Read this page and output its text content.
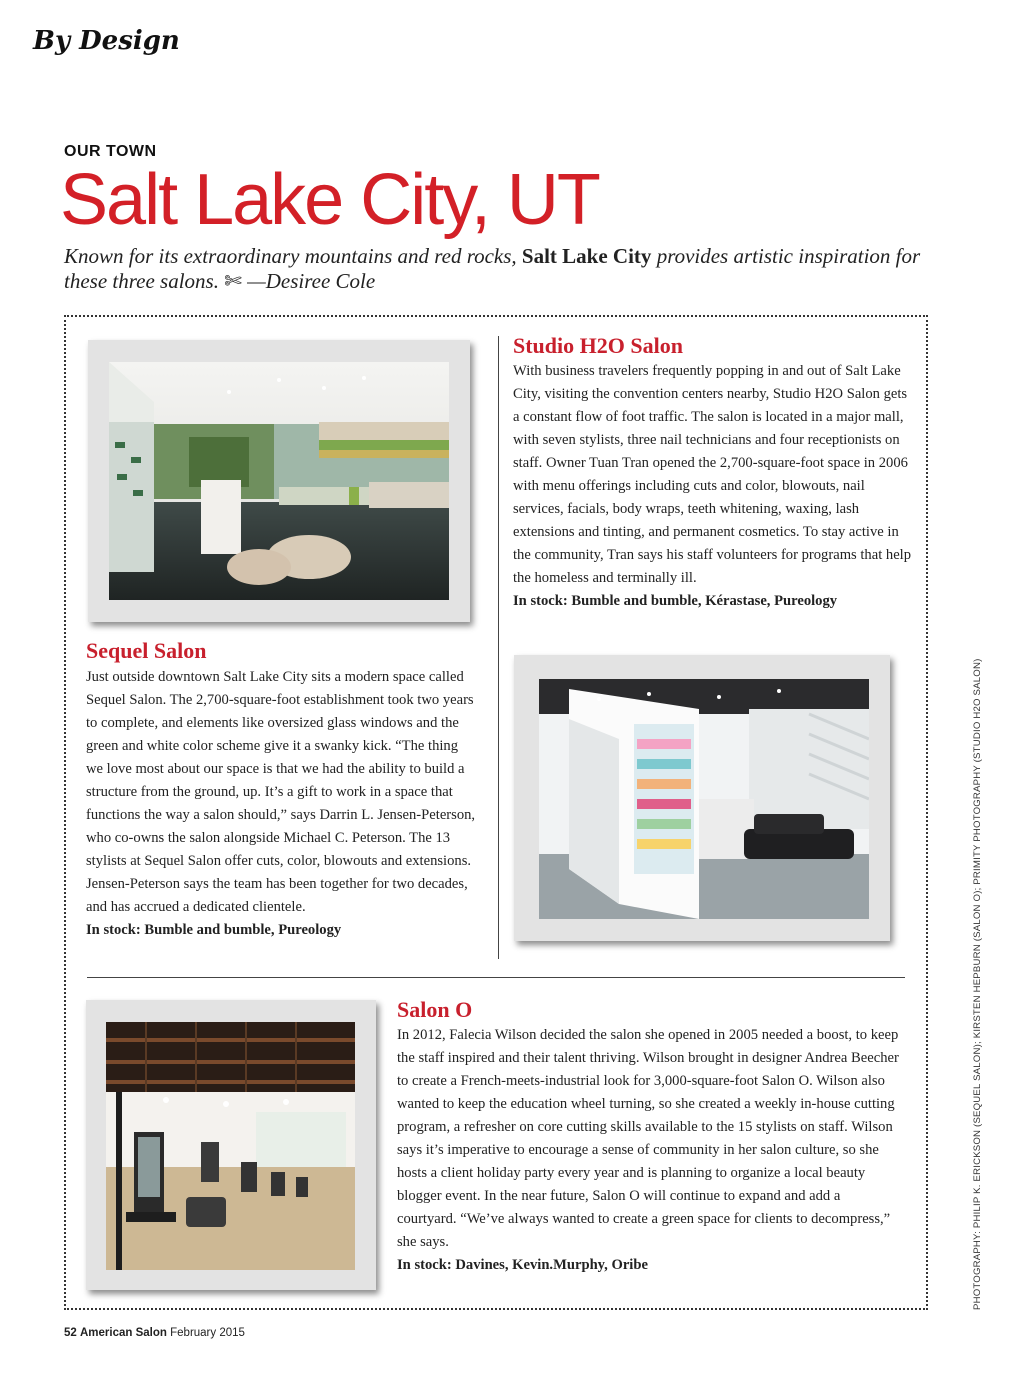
By Design
OUR TOWN
Salt Lake City, UT
Known for its extraordinary mountains and red rocks, Salt Lake City provides artistic inspiration for these three salons. ✄ —Desiree Cole
Studio H2O Salon

With business travelers frequently popping in and out of Salt Lake City, visiting the convention centers nearby, Studio H2O Salon gets a constant flow of foot traffic. The salon is located in a major mall, with seven stylists, three nail technicians and four receptionists on staff. Owner Tuan Tran opened the 2,700-square-foot space in 2006 with menu offerings including cuts and color, blowouts, nail services, facials, body wraps, teeth whitening, waxing, lash extensions and tinting, and permanent cosmetics. To stay active in the community, Tran says his staff volunteers for programs that help the homeless and terminally ill.

In stock: Bumble and bumble, Kérastase, Pureology

Sequel Salon

Just outside downtown Salt Lake City sits a modern space called Sequel Salon. The 2,700-square-foot establishment took two years to complete, and elements like oversized glass windows and the green and white color scheme give it a swanky kick. “The thing we love most about our space is that we had the ability to build a structure from the ground, up. It’s a gift to work in a space that functions the way a salon should,” says Darrin L. Jensen-Peterson, who co-owns the salon alongside Michael C. Peterson. The 13 stylists at Sequel Salon offer cuts, color, blowouts and extensions. Jensen-Peterson says the team has been together for two decades, and has accrued a dedicated clientele.

In stock: Bumble and bumble, Pureology

Salon O

In 2012, Falecia Wilson decided the salon she opened in 2005 needed a boost, to keep the staff inspired and their talent thriving. Wilson brought in designer Andrea Beecher to create a French-meets-industrial look for 3,000-square-foot Salon O. Wilson also wanted to keep the education wheel turning, so she created a weekly in-house cutting program, a refresher on core cutting skills available to the 15 stylists on staff. Wilson says it’s imperative to encourage a sense of community in her salon culture, so she hosts a client holiday party every year and is planning to organize a local beauty blogger event. In the near future, Salon O will continue to expand and add a courtyard. “We’ve always wanted to create a green space for clients to decompress,” she says.

In stock: Davines, Kevin.Murphy, Oribe	PHOTOGRAPHY: PHILIP K. ERICKSON (SEQUEL SALON); KIRSTEN HEPBURN (SALON O); PRIMITY PHOTOGRAPHY (STUDIO H2O SALON)
52 American Salon February 2015
